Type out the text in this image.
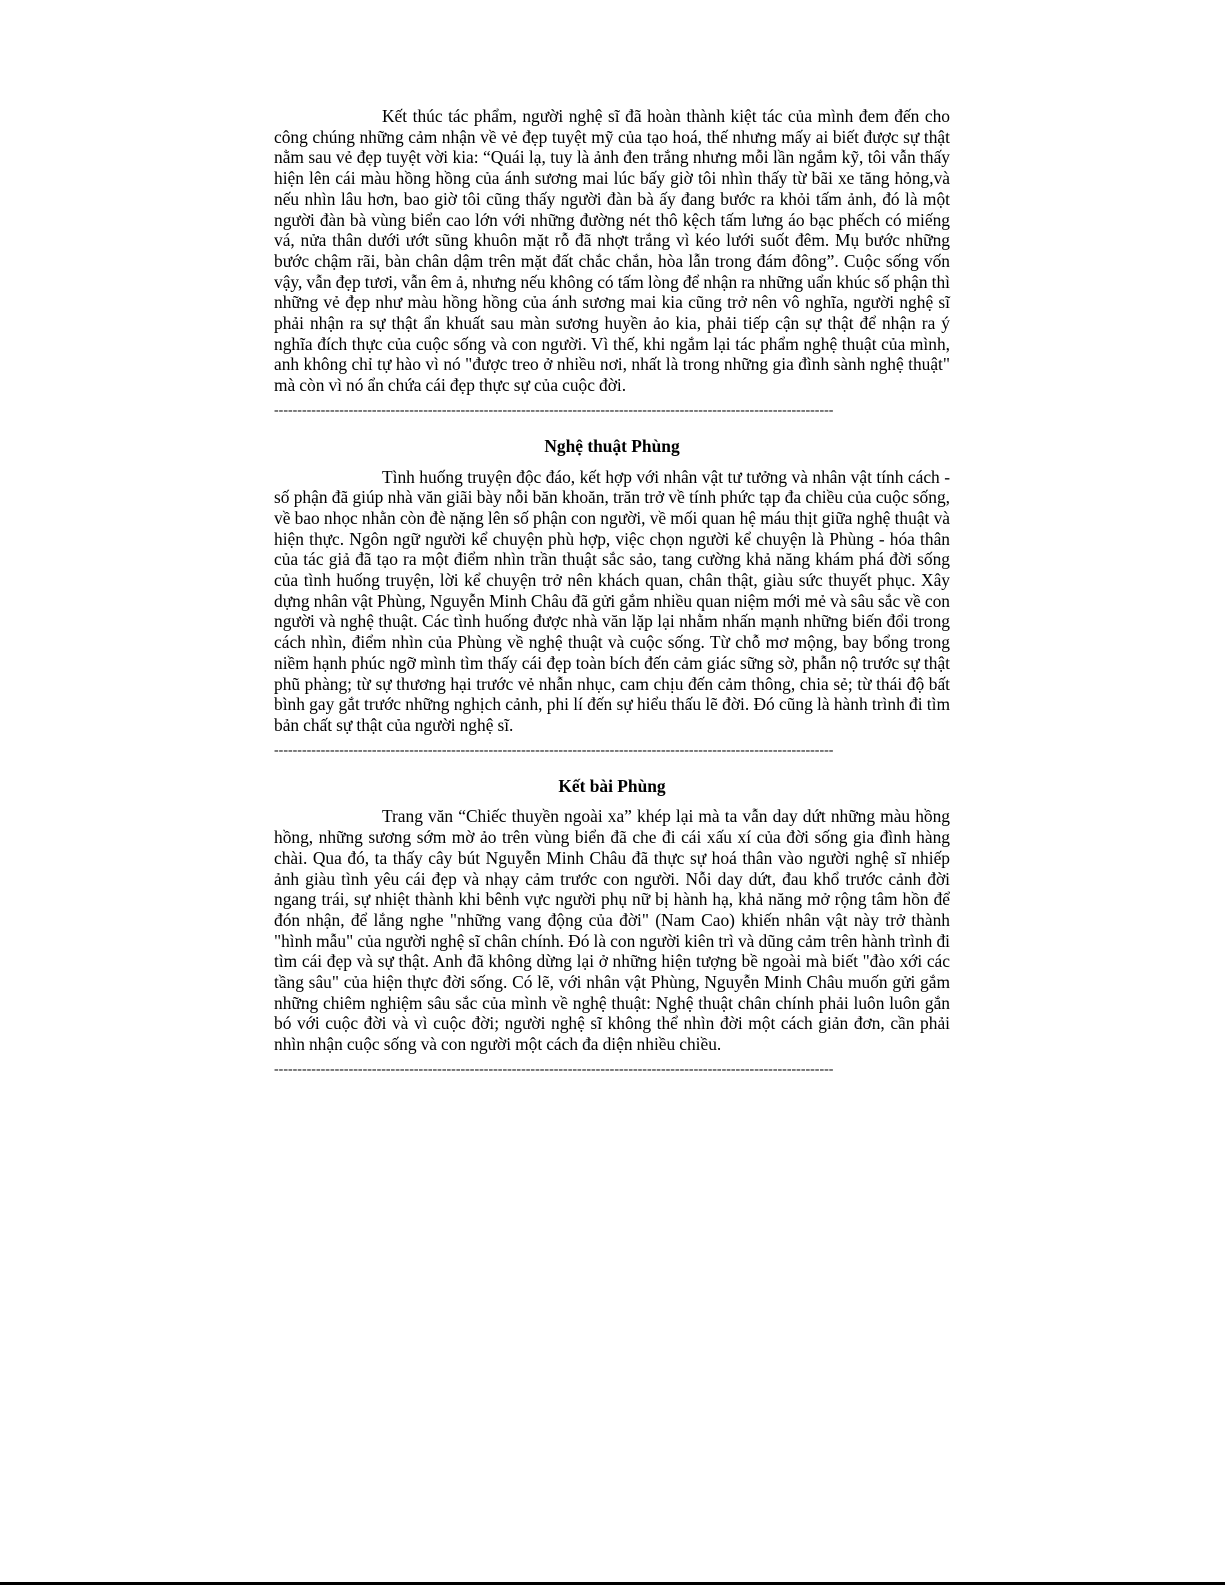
Kết thúc tác phẩm, người nghệ sĩ đã hoàn thành kiệt tác của mình đem đến cho công chúng những cảm nhận về vẻ đẹp tuyệt mỹ của tạo hoá, thế nhưng mấy ai biết được sự thật nằm sau vẻ đẹp tuyệt vời kia: “Quái lạ, tuy là ảnh đen trắng nhưng mỗi lần ngắm kỹ, tôi vẫn thấy hiện lên cái màu hồng hồng của ánh sương mai lúc bấy giờ tôi nhìn thấy từ bãi xe tăng hỏng,và nếu nhìn lâu hơn, bao giờ tôi cũng thấy người đàn bà ấy đang bước ra khỏi tấm ảnh, đó là một người đàn bà vùng biển cao lớn với những đường nét thô kệch tấm lưng áo bạc phếch có miếng vá, nửa thân dưới ướt sũng khuôn mặt rỗ đã nhợt trắng vì kéo lưới suốt đêm. Mụ bước những bước chậm rãi, bàn chân dậm trên mặt đất chắc chắn, hòa lẫn trong đám đông”. Cuộc sống vốn vậy, vẫn đẹp tươi, vẫn êm ả, nhưng nếu không có tấm lòng để nhận ra những uẩn khúc số phận thì những vẻ đẹp như màu hồng hồng của ánh sương mai kia cũng trở nên vô nghĩa, người nghệ sĩ phải nhận ra sự thật ẩn khuất sau màn sương huyền ảo kia, phải tiếp cận sự thật để nhận ra ý nghĩa đích thực của cuộc sống và con người. Vì thế, khi ngắm lại tác phẩm nghệ thuật của mình, anh không chỉ tự hào vì nó "được treo ở nhiều nơi, nhất là trong những gia đình sành nghệ thuật" mà còn vì nó ẩn chứa cái đẹp thực sự của cuộc đời.

------------------------------------------------------------------------------------------------------------------------
Nghệ thuật Phùng

Tình huống truyện độc đáo, kết hợp với nhân vật tư tưởng và nhân vật tính cách - số phận đã giúp nhà văn giãi bày nỗi băn khoăn, trăn trở về tính phức tạp đa chiều của cuộc sống, về bao nhọc nhằn còn đè nặng lên số phận con người, về mối quan hệ máu thịt giữa nghệ thuật và hiện thực. Ngôn ngữ người kể chuyện phù hợp, việc chọn người kể chuyện là Phùng - hóa thân của tác giả đã tạo ra một điểm nhìn trần thuật sắc sảo, tang cường khả năng khám phá đời sống của tình huống truyện, lời kể chuyện trở nên khách quan, chân thật, giàu sức thuyết phục. Xây dựng nhân vật Phùng, Nguyễn Minh Châu đã gửi gắm nhiều quan niệm mới mẻ và sâu sắc về con người và nghệ thuật. Các tình huống được nhà văn lặp lại nhằm nhấn mạnh những biến đổi trong cách nhìn, điểm nhìn của Phùng về nghệ thuật và cuộc sống. Từ chỗ mơ mộng, bay bổng trong niềm hạnh phúc ngỡ mình tìm thấy cái đẹp toàn bích đến cảm giác sững sờ, phẫn nộ trước sự thật phũ phàng; từ sự thương hại trước vẻ nhẫn nhục, cam chịu đến cảm thông, chia sẻ; từ thái độ bất bình gay gắt trước những nghịch cảnh, phi lí đến sự hiểu thấu lẽ đời. Đó cũng là hành trình đi tìm bản chất sự thật của người nghệ sĩ.

------------------------------------------------------------------------------------------------------------------------
Kết bài Phùng

Trang văn “Chiếc thuyền ngoài xa” khép lại mà ta vẫn day dứt những màu hồng hồng, những sương sớm mờ ảo trên vùng biển đã che đi cái xấu xí của đời sống gia đình hàng chài. Qua đó, ta thấy cây bút Nguyễn Minh Châu đã thực sự hoá thân vào người nghệ sĩ nhiếp ảnh giàu tình yêu cái đẹp và nhạy cảm trước con người. Nỗi day dứt, đau khổ trước cảnh đời ngang trái, sự nhiệt thành khi bênh vực người phụ nữ bị hành hạ, khả năng mở rộng tâm hồn để đón nhận, để lắng nghe "những vang động của đời" (Nam Cao) khiến nhân vật này trở thành "hình mẫu" của người nghệ sĩ chân chính. Đó là con người kiên trì và dũng cảm trên hành trình đi tìm cái đẹp và sự thật. Anh đã không dừng lại ở những hiện tượng bề ngoài mà biết "đào xới các tầng sâu" của hiện thực đời sống. Có lẽ, với nhân vật Phùng, Nguyễn Minh Châu muốn gửi gắm những chiêm nghiệm sâu sắc của mình về nghệ thuật: Nghệ thuật chân chính phải luôn luôn gắn bó với cuộc đời và vì cuộc đời; người nghệ sĩ không thể nhìn đời một cách giản đơn, cần phải nhìn nhận cuộc sống và con người một cách đa diện nhiều chiều.

------------------------------------------------------------------------------------------------------------------------
